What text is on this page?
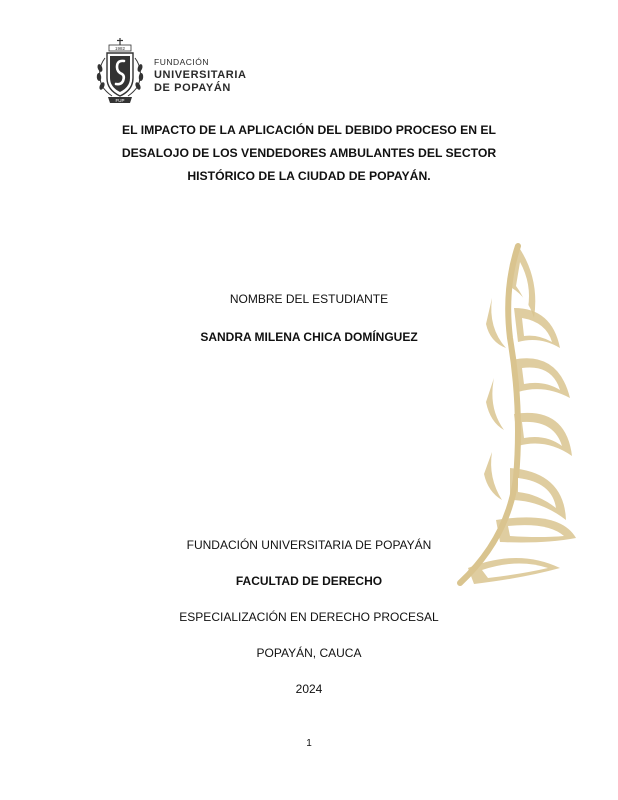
1982
FUP
FUNDACIÓN
UNIVERSITARIA
DE POPAYÁN
EL IMPACTO DE LA APLICACIÓN DEL DEBIDO PROCESO EN EL
DESALOJO DE LOS VENDEDORES AMBULANTES DEL SECTOR
HISTÓRICO DE LA CIUDAD DE POPAYÁN.
NOMBRE DEL ESTUDIANTE
SANDRA MILENA CHICA DOMÍNGUEZ
FUNDACIÓN UNIVERSITARIA DE POPAYÁN
FACULTAD DE DERECHO
ESPECIALIZACIÓN EN DERECHO PROCESAL
POPAYÁN, CAUCA
2024
1
